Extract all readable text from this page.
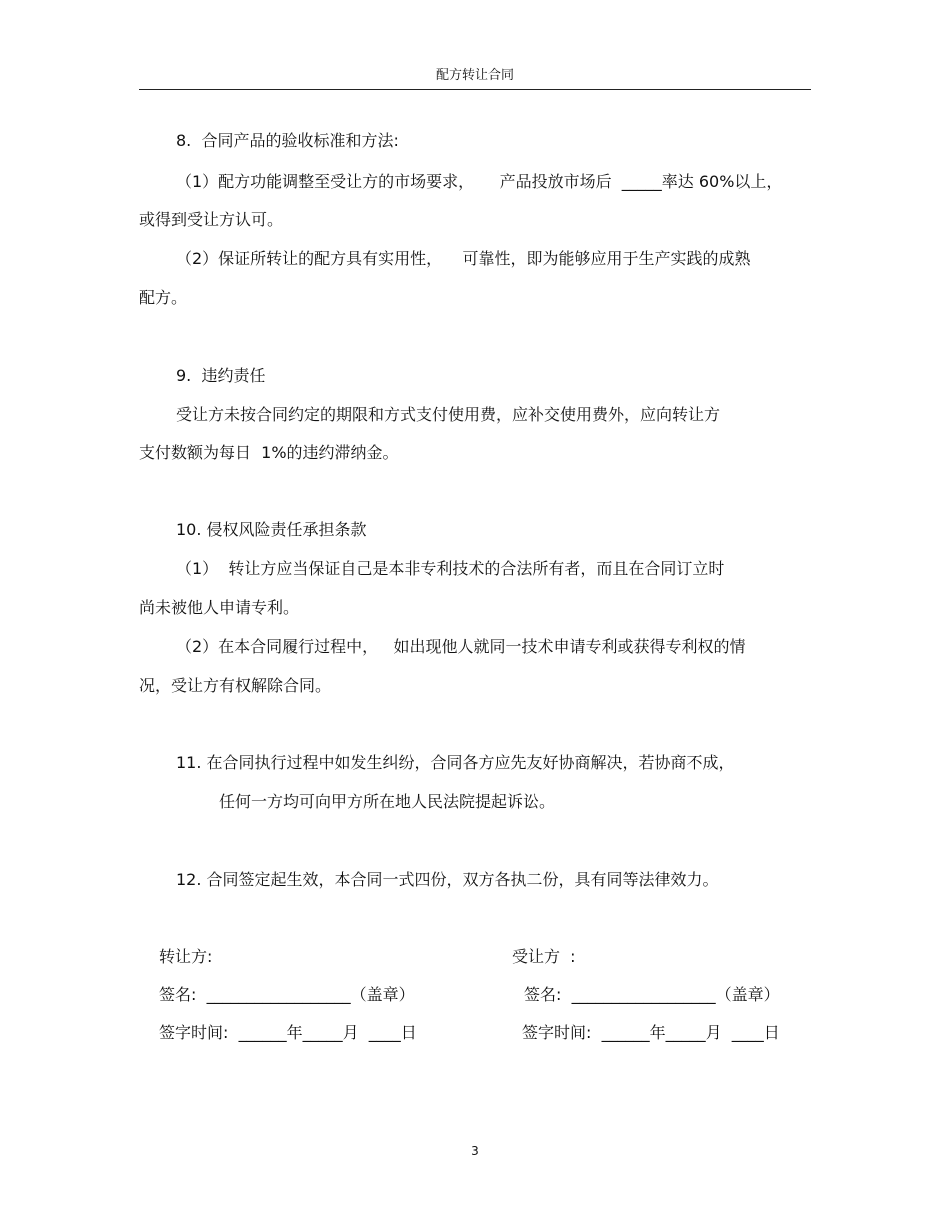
配方转让合同
8.  合同产品的验收标准和方法:
（1）配方功能调整至受让方的市场要求，     产品投放市场后  _____率达 60%以上，
或得到受让方认可。
（2）保证所转让的配方具有实用性，    可靠性，即为能够应用于生产实践的成熟
配方。
9.  违约责任
受让方未按合同约定的期限和方式支付使用费，应补交使用费外，应向转让方
支付数额为每日  1%的违约滞纳金。
10. 侵权风险责任承担条款
（1）  转让方应当保证自己是本非专利技术的合法所有者，而且在合同订立时
尚未被他人申请专利。
（2）在本合同履行过程中，   如出现他人就同一技术申请专利或获得专利权的情
况，受让方有权解除合同。
11. 在合同执行过程中如发生纠纷，合同各方应先友好协商解决，若协商不成，
任何一方均可向甲方所在地人民法院提起诉讼。
12. 合同签定起生效，本合同一式四份，双方各执二份，具有同等法律效力。
转让方:
签名:  __________________（盖章）
签字时间:  ______年_____月  ____日
受让方  :
签名:  __________________（盖章）
签字时间:  ______年_____月  ____日
3
